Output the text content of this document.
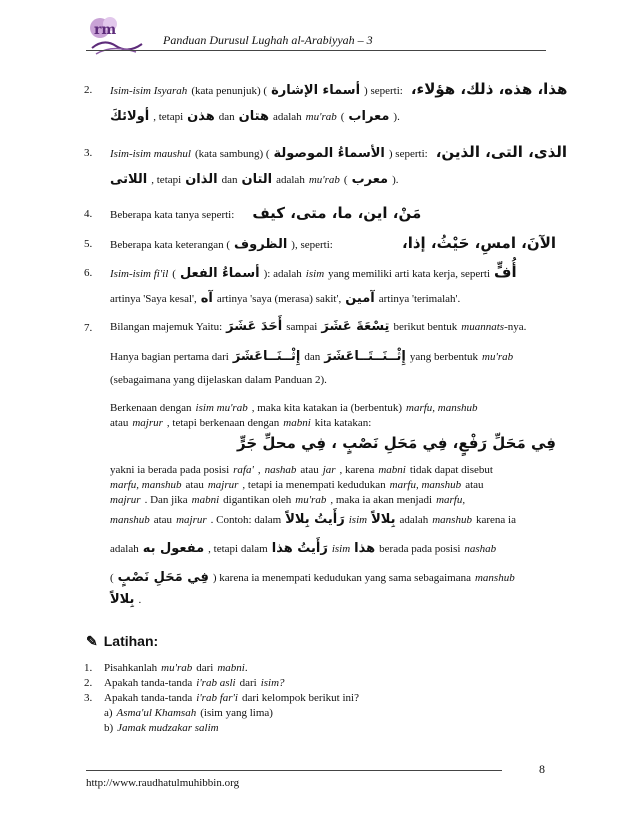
rm
Panduan Durusul Lughah al-Arabiyyah – 3
2. Isim-isim Isyarah (kata penunjuk) ( أسماء الإشارة ) seperti: هذا، هذه، ذلك، هؤلاء،
أولائكَ , tetapi هذن dan هتان adalah mu'rab ( معراب ).
3. Isim-isim maushul (kata sambung) ( الأسماءُ الموصولة ) seperti: الذى، التى، الذين،
اللاتى , tetapi الذان dan التان adalah mu'rab ( معرب ).
4. Beberapa kata tanya seperti: مَنْ، اين، ما، متى، كيف
5. Beberapa kata keterangan ( الظروف ), seperti:	الآنَ، امسِ، حَيْثُ، إذا،
6. Isim-isim fi'il ( أسماءُ الفعل ): adalah isim yang memiliki arti kata kerja, seperti أُفٍّ
artinya 'Saya kesal', آه artinya 'saya (merasa) sakit', آمين artinya 'terimalah'.
7. Bilangan majemuk Yaitu: أَحَدَ عَشَرَ sampai تِسْعَةَ عَشَرَ berikut bentuk muannats-nya.
Hanya bagian pertama dari إِثْــنَــاعَشَرَ dan إِثْــنَــتَــاعَشَرَ yang berbentuk mu'rab
(sebagaimana yang dijelaskan dalam Panduan 2).
Berkenaan dengan isim mu'rab , maka kita katakan ia (berbentuk) marfu, manshub
atau majrur , tetapi berkenaan dengan mabni kita katakan:
فِي مَحَلِّ رَفْعٍ، فِي مَحَلِ نَصْبٍ ، فِي محلِّ جَرٍّ
yakni ia berada pada posisi rafa' , nashab atau jar , karena mabni tidak dapat disebut
marfu, manshub atau majrur , tetapi ia menempati kedudukan marfu, manshub atau
majrur . Dan jika mabni digantikan oleh mu'rab , maka ia akan menjadi marfu,
manshub atau majrur . Contoh: dalam رَأَيتُ بِلالاً isim بِلالاً adalah manshub karena ia
adalah مفعول به , tetapi dalam رَأَيتُ هذا isim هذا berada pada posisi nashab
( فِي مَحَلِ نَصْبٍ ) karena ia menempati kedudukan yang sama sebagaimana manshub
بِلالاً .
✎ Latihan:
1. Pisahkanlah mu'rab dari mabni.
2. Apakah tanda-tanda i'rab asli dari isim?
3. Apakah tanda-tanda i'rab far'i dari kelompok berikut ini?
a) Asma'ul Khamsah (isim yang lima)
b) Jamak mudzakar salim
8
http://www.raudhatulmuhibbin.org
